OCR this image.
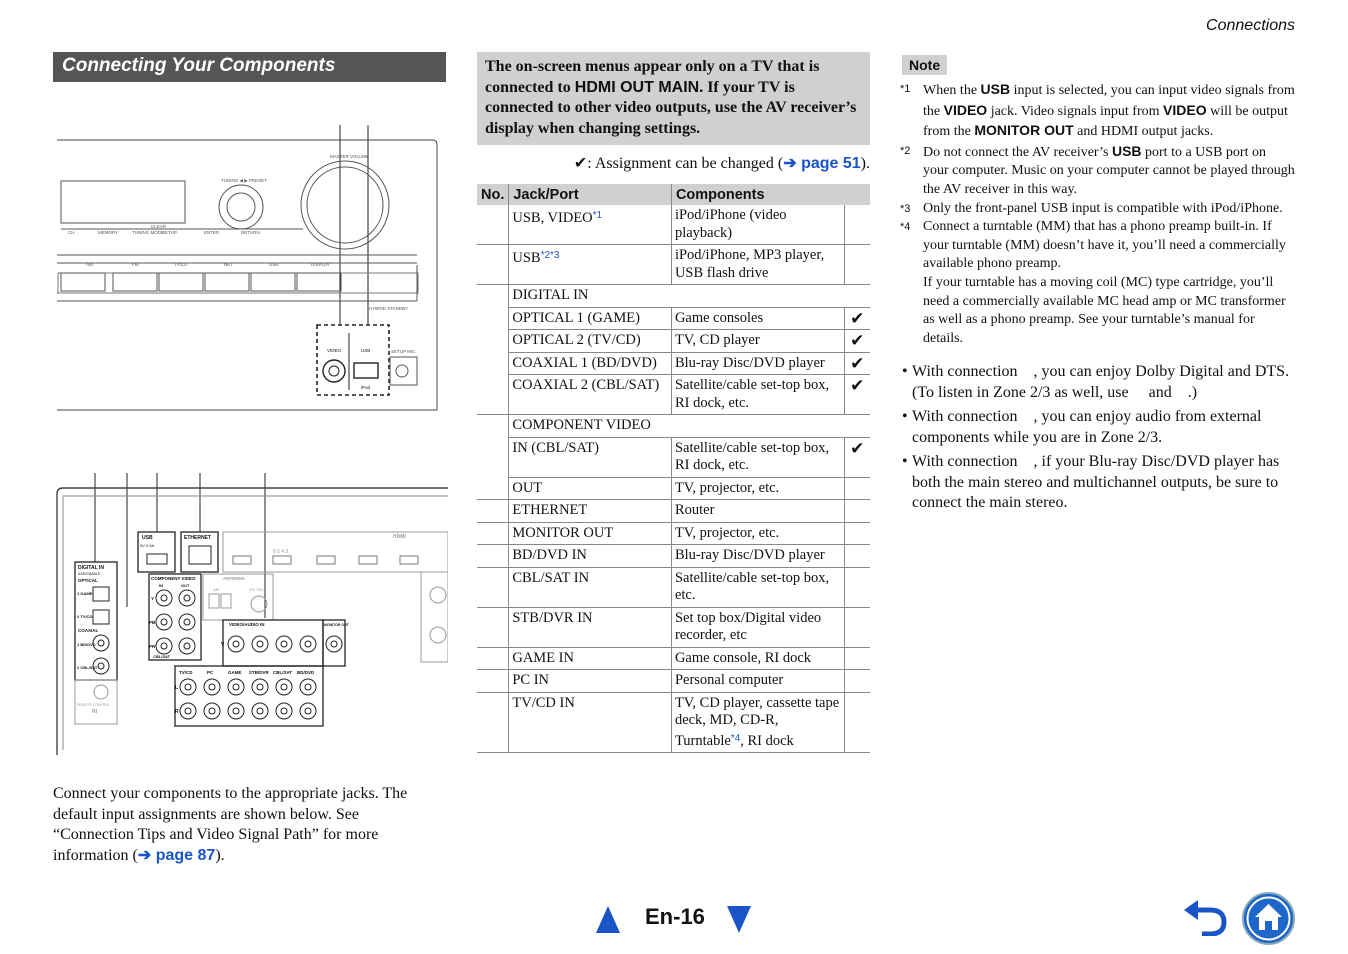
Connections
Connecting Your Components
MASTER VOLUME
TUNING ◀ ▶ PRESET
CLEAR
CH	MEMORY	TUNING MODE
SETUP	ENTER	RETURN
AM	FM	TV/CD	NET	USB	DISPLAY
HYBRID STANDBY
VIDEO	USB
iPod
SETUP MIC
USB
5V 0.5A
ETHERNET	HDMI
6 5 4 3
DIGITAL IN
ASSIGNABLE
OPTICAL
1 GAME
2 TV/CD
COAXIAL
1 BD/DVD
2 CBL/SAT
COMPONENT VIDEO
IN	OUT
Y
PB
PR
CBL/SAT
ANTENNA
AM	FM 75Ω
VIDEO/AUDIO IN	MONITOR OUT
TV/CD	PC	GAME STB/DVR CBL/SAT BD/DVD
V
L
R
REMOTE CONTROL
RI
Connect your components to the appropriate jacks. The default input assignments are shown below. See “Connection Tips and Video Signal Path” for more information (➔ page 87).
The on-screen menus appear only on a TV that is connected to HDMI OUT MAIN. If your TV is connected to other video outputs, use the AV receiver’s display when changing settings.
✔: Assignment can be changed (➔ page 51).
No.	Jack/Port	Components	
	USB, VIDEO$^{*1}$	iPod/iPhone (video playback)	
	USB$^{*2*3}$	iPod/iPhone, MP3 player, USB flash drive	
	DIGITAL IN		
	OPTICAL 1 (GAME)	Game consoles	✔
	OPTICAL 2 (TV/CD)	TV, CD player	✔
	COAXIAL 1 (BD/DVD)	Blu-ray Disc/DVD player	✔
	COAXIAL 2 (CBL/SAT)	Satellite/cable set-top box, RI dock, etc.	✔
	COMPONENT VIDEO		
	IN (CBL/SAT)	Satellite/cable set-top box, RI dock, etc.	✔
	OUT	TV, projector, etc.	
	ETHERNET	Router	
	MONITOR OUT	TV, projector, etc.	
	BD/DVD IN	Blu-ray Disc/DVD player	
	CBL/SAT IN	Satellite/cable set-top box, etc.	
	STB/DVR IN	Set top box/Digital video recorder, etc	
	GAME IN	Game console, RI dock	
	PC IN	Personal computer	
	TV/CD IN	TV, CD player, cassette tape deck, MD, CD-R, Turntable$^{*4}$, RI dock	
Note
*1 When the USB input is selected, you can input video signals from the VIDEO jack. Video signals input from VIDEO will be output from the MONITOR OUT and HDMI output jacks.
*2 Do not connect the AV receiver’s USB port to a USB port on your computer. Music on your computer cannot be played through the AV receiver in this way.
*3 Only the front-panel USB input is compatible with iPod/iPhone.
*4 Connect a turntable (MM) that has a phono preamp built-in. If your turntable (MM) doesn’t have it, you’ll need a commercially available phono preamp.
If your turntable has a moving coil (MC) type cartridge, you’ll need a commercially available MC head amp or MC transformer as well as a phono preamp. See your turntable’s manual for details.
• With connection    , you can enjoy Dolby Digital and DTS. (To listen in Zone 2/3 as well, use     and    .)
• With connection    , you can enjoy audio from external components while you are in Zone 2/3.
• With connection    , if your Blu-ray Disc/DVD player has both the main stereo and multichannel outputs, be sure to connect the main stereo.
En-16
